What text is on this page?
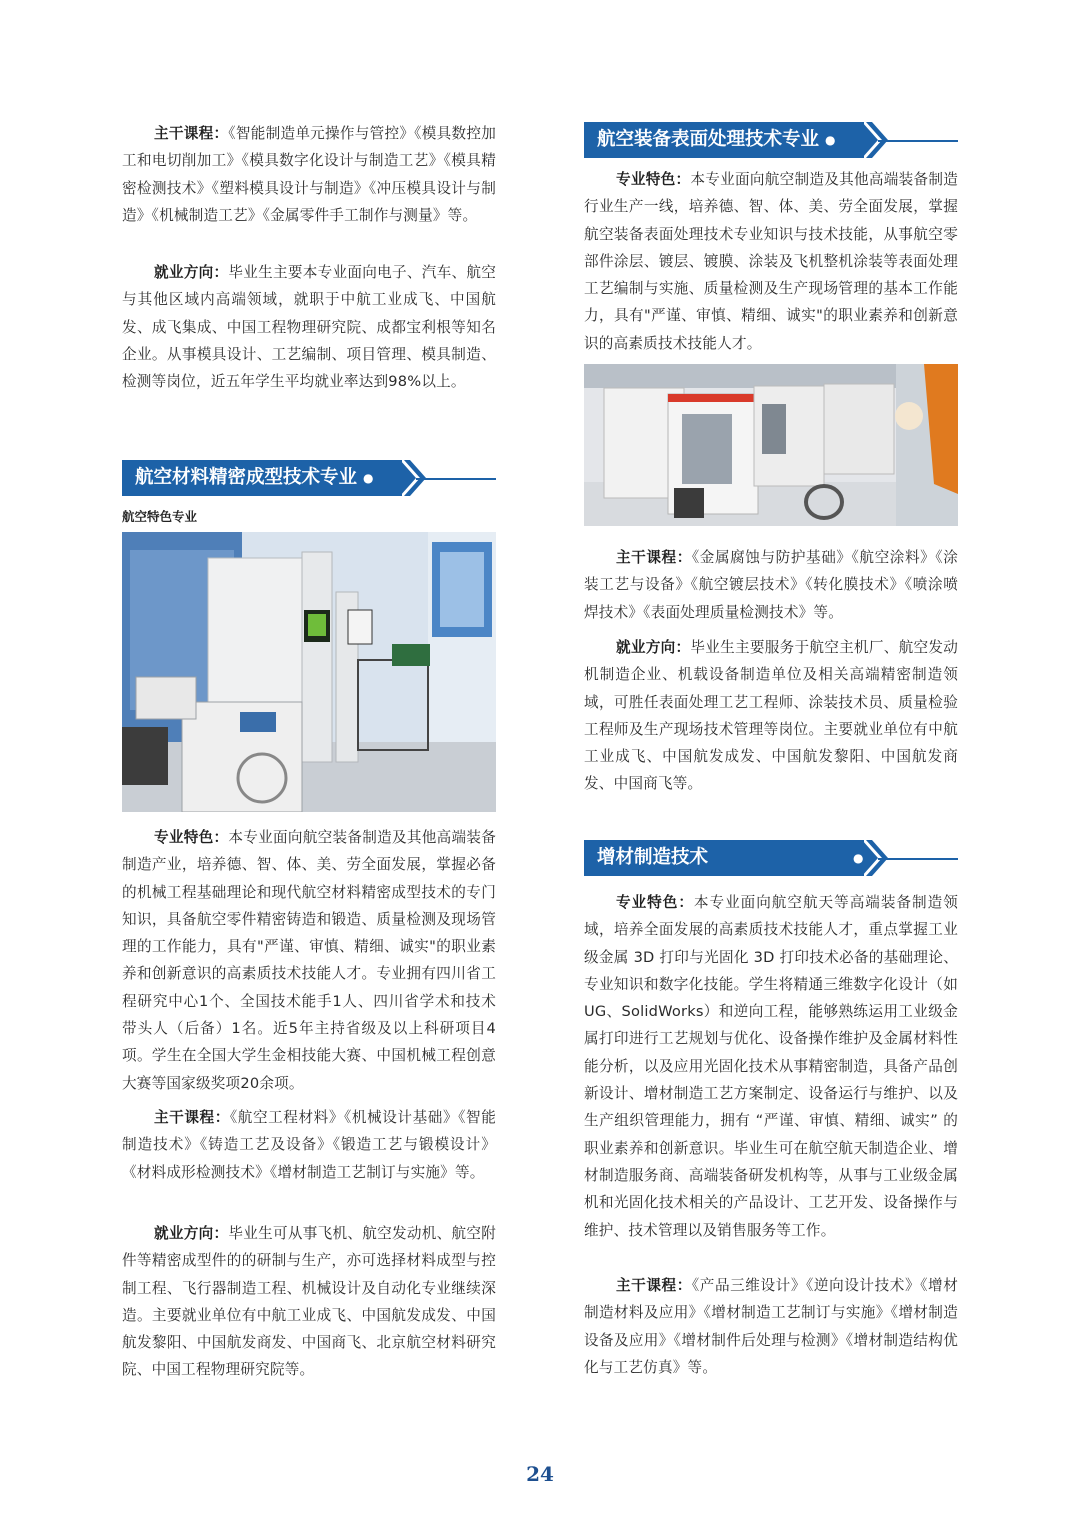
主干课程：《智能制造单元操作与管控》《模具数控加工和电切削加工》《模具数字化设计与制造工艺》《模具精密检测技术》《塑料模具设计与制造》《冲压模具设计与制造》《机械制造工艺》《金属零件手工制作与测量》等。

就业方向：毕业生主要本专业面向电子、汽车、航空与其他区域内高端领域，就职于中航工业成飞、中国航发、成飞集成、中国工程物理研究院、成都宝利根等知名企业。从事模具设计、工艺编制、项目管理、模具制造、检测等岗位，近五年学生平均就业率达到98%以上。

航空材料精密成型技术专业 ●
航空特色专业

专业特色：本专业面向航空装备制造及其他高端装备制造产业，培养德、智、体、美、劳全面发展，掌握必备的机械工程基础理论和现代航空材料精密成型技术的专门知识，具备航空零件精密铸造和锻造、质量检测及现场管理的工作能力，具有"严谨、审慎、精细、诚实"的职业素养和创新意识的高素质技术技能人才。专业拥有四川省工程研究中心1个、全国技术能手1人、四川省学术和技术带头人（后备）1名。近5年主持省级及以上科研项目4项。学生在全国大学生金相技能大赛、中国机械工程创意大赛等国家级奖项20余项。

主干课程：《航空工程材料》《机械设计基础》《智能制造技术》《铸造工艺及设备》《锻造工艺与锻模设计》《材料成形检测技术》《增材制造工艺制订与实施》等。

就业方向：毕业生可从事飞机、航空发动机、航空附件等精密成型件的的研制与生产，亦可选择材料成型与控制工程、飞行器制造工程、机械设计及自动化专业继续深造。主要就业单位有中航工业成飞、中国航发成发、中国航发黎阳、中国航发商发、中国商飞、北京航空材料研究院、中国工程物理研究院等。

航空装备表面处理技术专业 ●

专业特色：本专业面向航空制造及其他高端装备制造行业生产一线，培养德、智、体、美、劳全面发展，掌握航空装备表面处理技术专业知识与技术技能，从事航空零部件涂层、镀层、镀膜、涂装及飞机整机涂装等表面处理工艺编制与实施、质量检测及生产现场管理的基本工作能力，具有"严谨、审慎、精细、诚实"的职业素养和创新意识的高素质技术技能人才。

主干课程：《金属腐蚀与防护基础》《航空涂料》《涂装工艺与设备》《航空镀层技术》《转化膜技术》《喷涂喷焊技术》《表面处理质量检测技术》等。

就业方向：毕业生主要服务于航空主机厂、航空发动机制造企业、机载设备制造单位及相关高端精密制造领域，可胜任表面处理工艺工程师、涂装技术员、质量检验工程师及生产现场技术管理等岗位。主要就业单位有中航工业成飞、中国航发成发、中国航发黎阳、中国航发商发、中国商飞等。

增材制造技术	●

专业特色：本专业面向航空航天等高端装备制造领域，培养全面发展的高素质技术技能人才，重点掌握工业级金属 3D 打印与光固化 3D 打印技术必备的基础理论、专业知识和数字化技能。学生将精通三维数字化设计（如 UG、SolidWorks）和逆向工程，能够熟练运用工业级金属打印进行工艺规划与优化、设备操作维护及金属材料性能分析，以及应用光固化技术从事精密制造，具备产品创新设计、增材制造工艺方案制定、设备运行与维护、以及生产组织管理能力，拥有 “严谨、审慎、精细、诚实” 的职业素养和创新意识。毕业生可在航空航天制造企业、增材制造服务商、高端装备研发机构等，从事与工业级金属机和光固化技术相关的产品设计、工艺开发、设备操作与维护、技术管理以及销售服务等工作。

主干课程：《产品三维设计》《逆向设计技术》《增材制造材料及应用》《增材制造工艺制订与实施》《增材制造设备及应用》《增材制件后处理与检测》《增材制造结构优化与工艺仿真》等。

24
